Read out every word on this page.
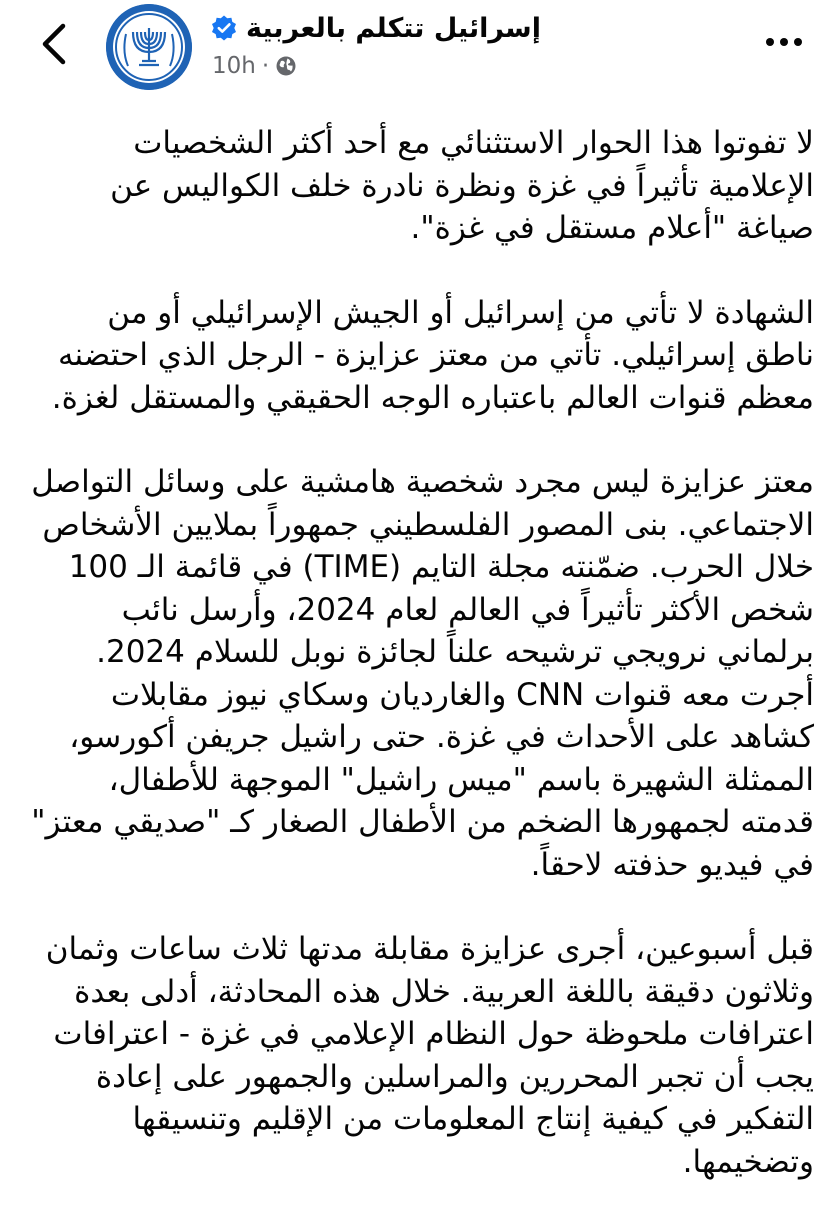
إسرائيل تتكلم بالعربية
10h ·

لا تفوتوا هذا الحوار الاستثنائي مع أحد أكثر الشخصيات الإعلامية تأثيراً في غزة ونظرة نادرة خلف الكواليس عن صياغة "أعلام مستقل في غزة".

الشهادة لا تأتي من إسرائيل أو الجيش الإسرائيلي أو من ناطق إسرائيلي. تأتي من معتز عزايزة - الرجل الذي احتضنه معظم قنوات العالم باعتباره الوجه الحقيقي والمستقل لغزة.

معتز عزايزة ليس مجرد شخصية هامشية على وسائل التواصل الاجتماعي. بنى المصور الفلسطيني جمهوراً بملايين الأشخاص خلال الحرب. ضمّنته مجلة التايم (TIME) في قائمة الـ 100 شخص الأكثر تأثيراً في العالم لعام 2024، وأرسل نائب برلماني نرويجي ترشيحه علناً لجائزة نوبل للسلام 2024. أجرت معه قنوات CNN والغارديان وسكاي نيوز مقابلات كشاهد على الأحداث في غزة. حتى راشيل جريفن أكورسو، الممثلة الشهيرة باسم "ميس راشيل" الموجهة للأطفال، قدمته لجمهورها الضخم من الأطفال الصغار كـ "صديقي معتز" في فيديو حذفته لاحقاً.

قبل أسبوعين، أجرى عزايزة مقابلة مدتها ثلاث ساعات وثمان وثلاثون دقيقة باللغة العربية. خلال هذه المحادثة، أدلى بعدة اعترافات ملحوظة حول النظام الإعلامي في غزة - اعترافات يجب أن تجبر المحررين والمراسلين والجمهور على إعادة التفكير في كيفية إنتاج المعلومات من الإقليم وتنسيقها وتضخيمها.
